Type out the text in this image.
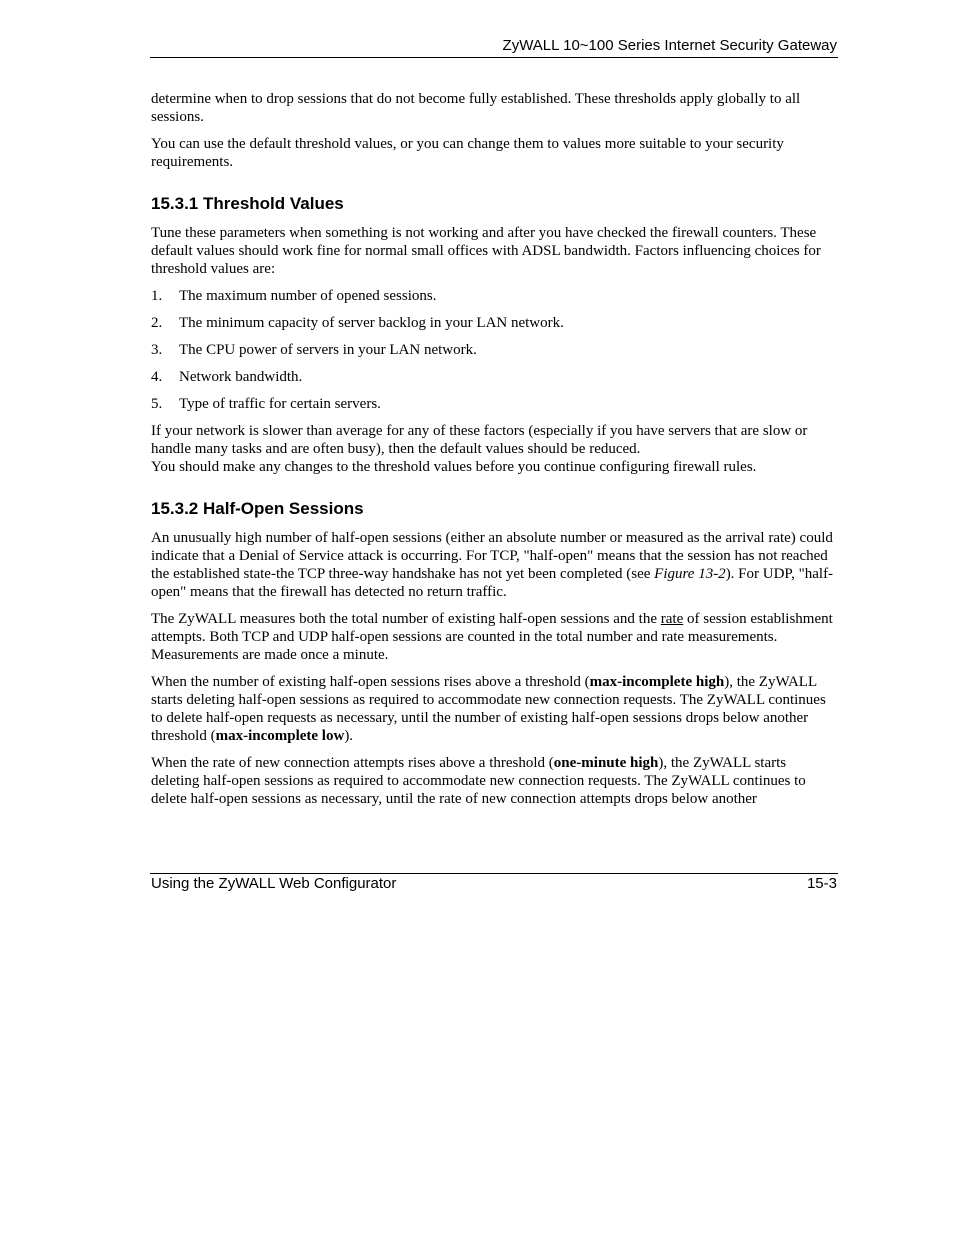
ZyWALL 10~100 Series Internet Security Gateway

determine when to drop sessions that do not become fully established. These thresholds apply globally to all sessions.

You can use the default threshold values, or you can change them to values more suitable to your security requirements.

15.3.1 Threshold Values

Tune these parameters when something is not working and after you have checked the firewall counters. These default values should work fine for normal small offices with ADSL bandwidth. Factors influencing choices for threshold values are:

1. The maximum number of opened sessions.
2. The minimum capacity of server backlog in your LAN network.
3. The CPU power of servers in your LAN network.
4. Network bandwidth.
5. Type of traffic for certain servers.

If your network is slower than average for any of these factors (especially if you have servers that are slow or handle many tasks and are often busy), then the default values should be reduced.
You should make any changes to the threshold values before you continue configuring firewall rules.

15.3.2 Half-Open Sessions

An unusually high number of half-open sessions (either an absolute number or measured as the arrival rate) could indicate that a Denial of Service attack is occurring. For TCP, "half-open" means that the session has not reached the established state-the TCP three-way handshake has not yet been completed (see Figure 13-2). For UDP, "half-open" means that the firewall has detected no return traffic.

The ZyWALL measures both the total number of existing half-open sessions and the rate of session establishment attempts. Both TCP and UDP half-open sessions are counted in the total number and rate measurements. Measurements are made once a minute.

When the number of existing half-open sessions rises above a threshold (max-incomplete high), the ZyWALL starts deleting half-open sessions as required to accommodate new connection requests. The ZyWALL continues to delete half-open requests as necessary, until the number of existing half-open sessions drops below another threshold (max-incomplete low).

When the rate of new connection attempts rises above a threshold (one-minute high), the ZyWALL starts deleting half-open sessions as required to accommodate new connection requests. The ZyWALL continues to delete half-open sessions as necessary, until the rate of new connection attempts drops below another

Using the ZyWALL Web Configurator	15-3
